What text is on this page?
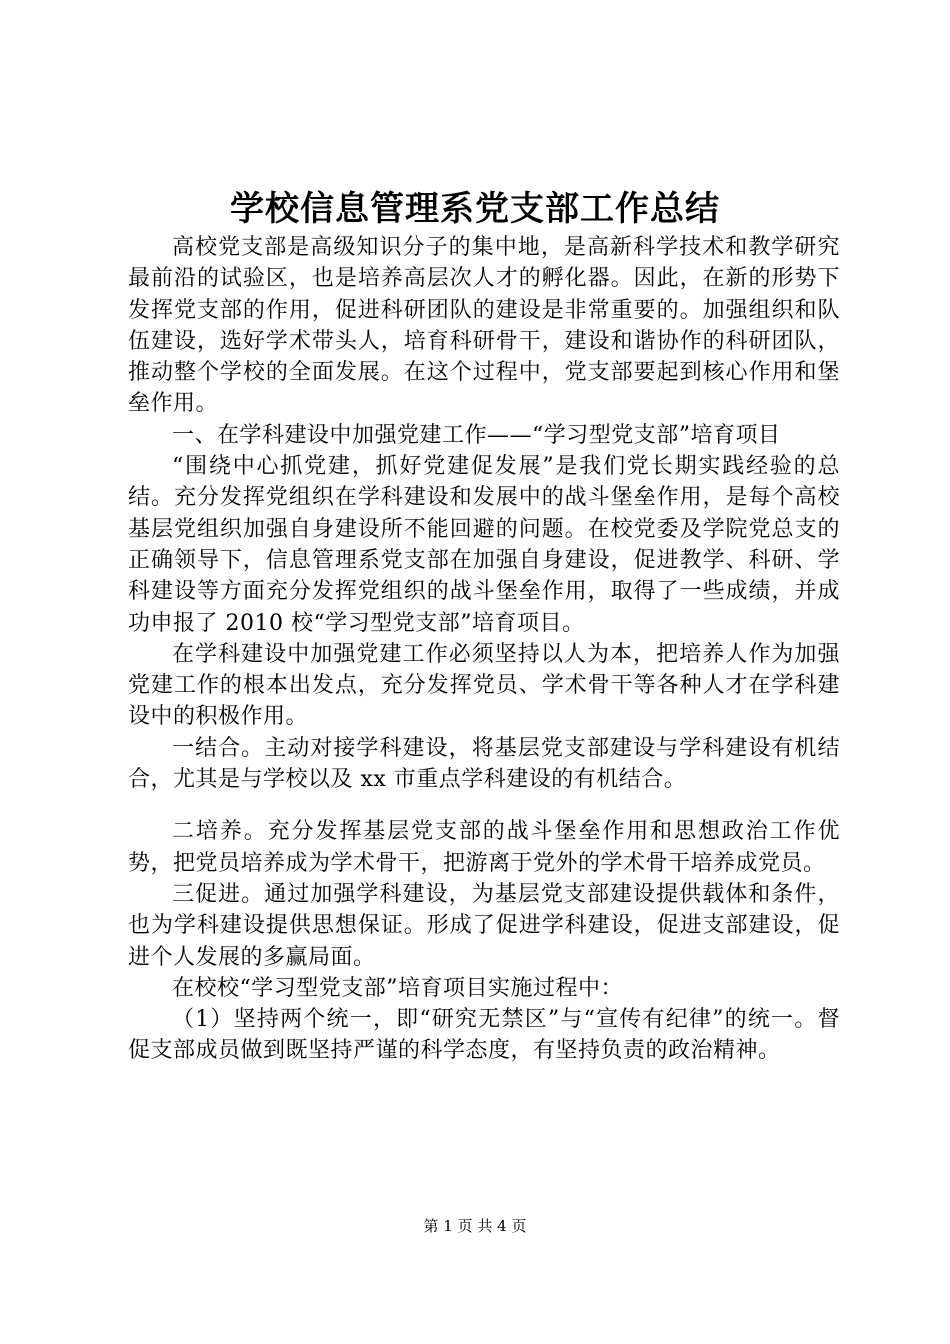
学校信息管理系党支部工作总结

高校党支部是高级知识分子的集中地，是高新科学技术和教学研究最前沿的试验区，也是培养高层次人才的孵化器。因此，在新的形势下发挥党支部的作用，促进科研团队的建设是非常重要的。加强组织和队伍建设，选好学术带头人，培育科研骨干，建设和谐协作的科研团队，推动整个学校的全面发展。在这个过程中，党支部要起到核心作用和堡垒作用。

一、在学科建设中加强党建工作——“学习型党支部”培育项目

“围绕中心抓党建，抓好党建促发展”是我们党长期实践经验的总结。充分发挥党组织在学科建设和发展中的战斗堡垒作用，是每个高校基层党组织加强自身建设所不能回避的问题。在校党委及学院党总支的正确领导下，信息管理系党支部在加强自身建设，促进教学、科研、学科建设等方面充分发挥党组织的战斗堡垒作用，取得了一些成绩，并成功申报了 2010 校“学习型党支部”培育项目。

在学科建设中加强党建工作必须坚持以人为本，把培养人作为加强党建工作的根本出发点，充分发挥党员、学术骨干等各种人才在学科建设中的积极作用。

一结合。主动对接学科建设，将基层党支部建设与学科建设有机结合，尤其是与学校以及 xx 市重点学科建设的有机结合。

二培养。充分发挥基层党支部的战斗堡垒作用和思想政治工作优势，把党员培养成为学术骨干，把游离于党外的学术骨干培养成党员。

三促进。通过加强学科建设，为基层党支部建设提供载体和条件，也为学科建设提供思想保证。形成了促进学科建设，促进支部建设，促进个人发展的多赢局面。

在校校“学习型党支部”培育项目实施过程中：

（1）坚持两个统一，即“研究无禁区”与“宣传有纪律”的统一。督促支部成员做到既坚持严谨的科学态度，有坚持负责的政治精神。

第 1 页 共 4 页
